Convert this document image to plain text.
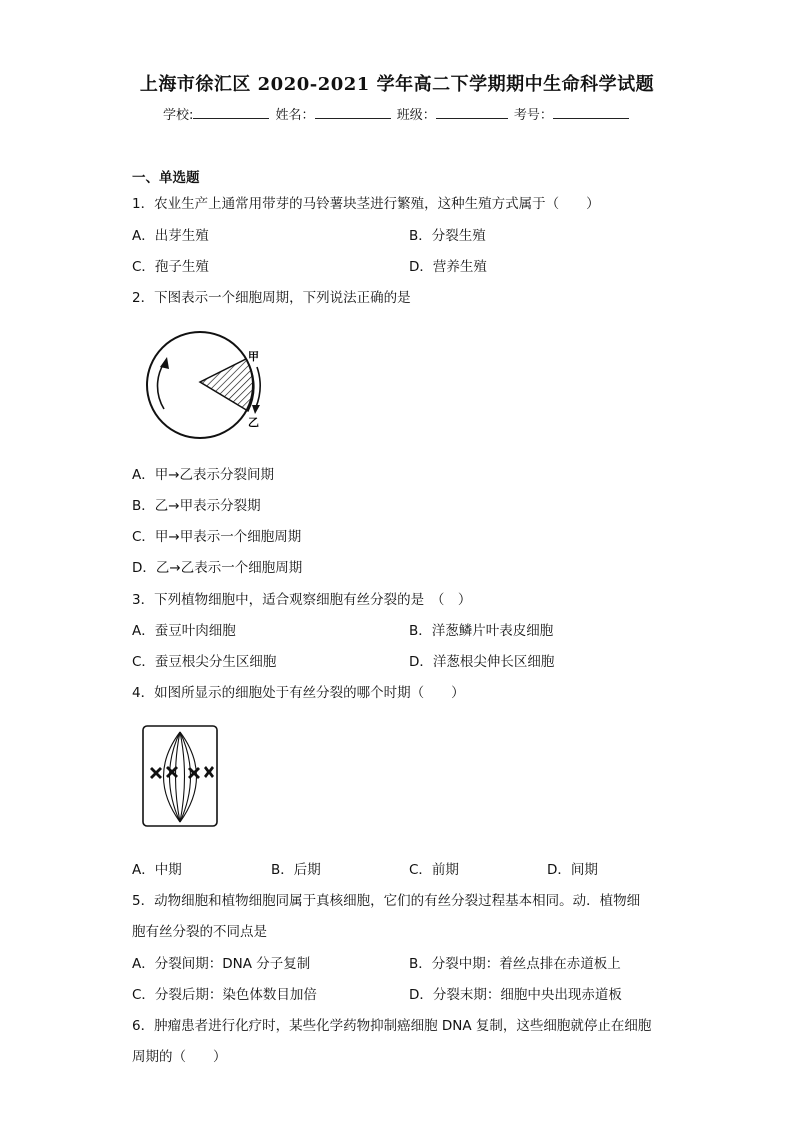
上海市徐汇区 2020-2021 学年高二下学期期中生命科学试题
学校:	姓名：	班级：	考号：
一、单选题
1．农业生产上通常用带芽的马铃薯块茎进行繁殖，这种生殖方式属于（　　）
A．出芽生殖	B．分裂生殖
C．孢子生殖	D．营养生殖
2．下图表示一个细胞周期，下列说法正确的是
甲
乙
A．甲→乙表示分裂间期
B．乙→甲表示分裂期
C．甲→甲表示一个细胞周期
D．乙→乙表示一个细胞周期
3．下列植物细胞中，适合观察细胞有丝分裂的是　（　）
A．蚕豆叶肉细胞	B．洋葱鳞片叶表皮细胞
C．蚕豆根尖分生区细胞	D．洋葱根尖伸长区细胞
4．如图所显示的细胞处于有丝分裂的哪个时期（　　）
A．中期	B．后期	C．前期	D．间期
5．动物细胞和植物细胞同属于真核细胞，它们的有丝分裂过程基本相同。动．植物细
胞有丝分裂的不同点是
A．分裂间期：DNA 分子复制	B．分裂中期：着丝点排在赤道板上
C．分裂后期：染色体数目加倍	D．分裂末期：细胞中央出现赤道板
6．肿瘤患者进行化疗时，某些化学药物抑制癌细胞 DNA 复制，这些细胞就停止在细胞
周期的（　　）
